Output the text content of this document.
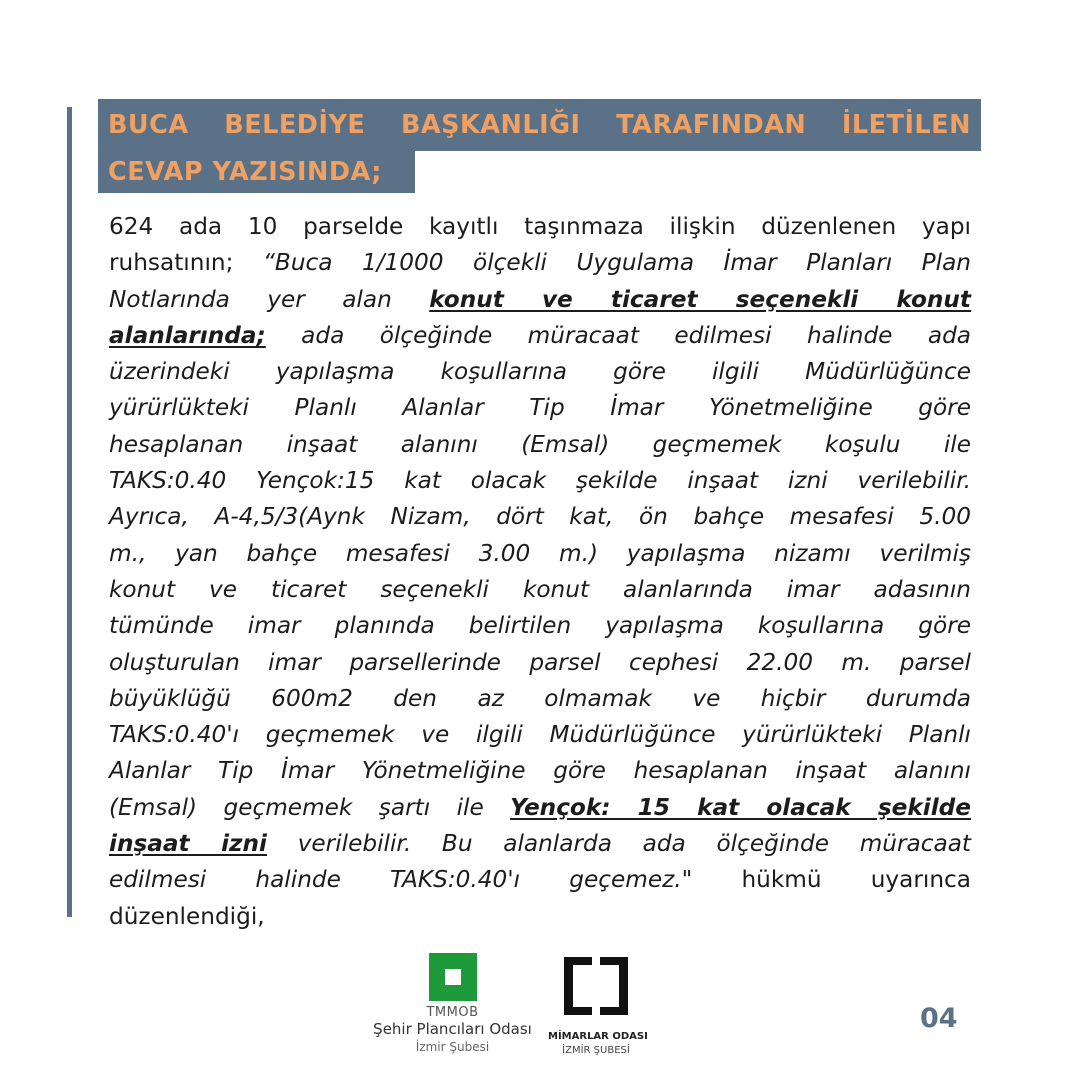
BUCA BELEDİYE BAŞKANLIĞI TARAFINDAN İLETİLEN
CEVAP YAZISINDA;
624 ada 10 parselde kayıtlı taşınmaza ilişkin düzenlenen yapı
ruhsatının; “Buca 1/1000 ölçekli Uygulama İmar Planları Plan
Notlarında yer alan konut ve ticaret seçenekli konut
alanlarında; ada ölçeğinde müracaat edilmesi halinde ada
üzerindeki yapılaşma koşullarına göre ilgili Müdürlüğünce
yürürlükteki Planlı Alanlar Tip İmar Yönetmeliğine göre
hesaplanan inşaat alanını (Emsal) geçmemek koşulu ile
TAKS:0.40 Yençok:15 kat olacak şekilde inşaat izni verilebilir.
Ayrıca, A-4,5/3(Aynk Nizam, dört kat, ön bahçe mesafesi 5.00
m., yan bahçe mesafesi 3.00 m.) yapılaşma nizamı verilmiş
konut ve ticaret seçenekli konut alanlarında imar adasının
tümünde imar planında belirtilen yapılaşma koşullarına göre
oluşturulan imar parsellerinde parsel cephesi 22.00 m. parsel
büyüklüğü 600m2 den az olmamak ve hiçbir durumda
TAKS:0.40'ı geçmemek ve ilgili Müdürlüğünce yürürlükteki Planlı
Alanlar Tip İmar Yönetmeliğine göre hesaplanan inşaat alanını
(Emsal) geçmemek şartı ile Yençok: 15 kat olacak şekilde
inşaat izni verilebilir. Bu alanlarda ada ölçeğinde müracaat
edilmesi halinde TAKS:0.40'ı geçemez." hükmü uyarınca
düzenlendiği,
TMMOB
Şehir Plancıları Odası
İzmir Şubesi
MİMARLAR ODASI
İZMİR ŞUBESİ
04
